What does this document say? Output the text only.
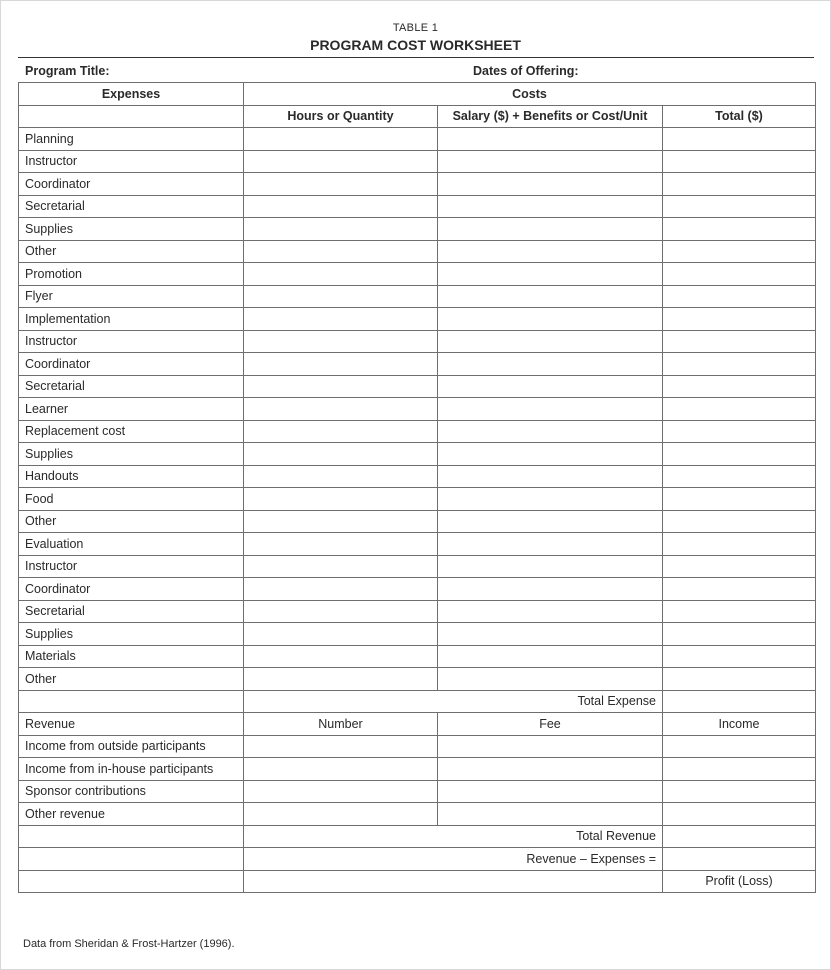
TABLE 1
PROGRAM COST WORKSHEET
Program Title:	Dates of Offering:
Expenses	Costs		
	Hours or Quantity	Salary ($) + Benefits or Cost/Unit	Total ($)
Planning			
Instructor			
Coordinator			
Secretarial			
Supplies			
Other			
Promotion			
Flyer			
Implementation			
Instructor			
Coordinator			
Secretarial			
Learner			
Replacement cost			
Supplies			
Handouts			
Food			
Other			
Evaluation			
Instructor			
Coordinator			
Secretarial			
Supplies			
Materials			
Other			
	Total Expense		
Revenue	Number	Fee	Income
Income from outside participants			
Income from in-house participants			
Sponsor contributions			
Other revenue			
	Total Revenue		
	Revenue – Expenses =		
			Profit (Loss)
Data from Sheridan & Frost-Hartzer (1996).
